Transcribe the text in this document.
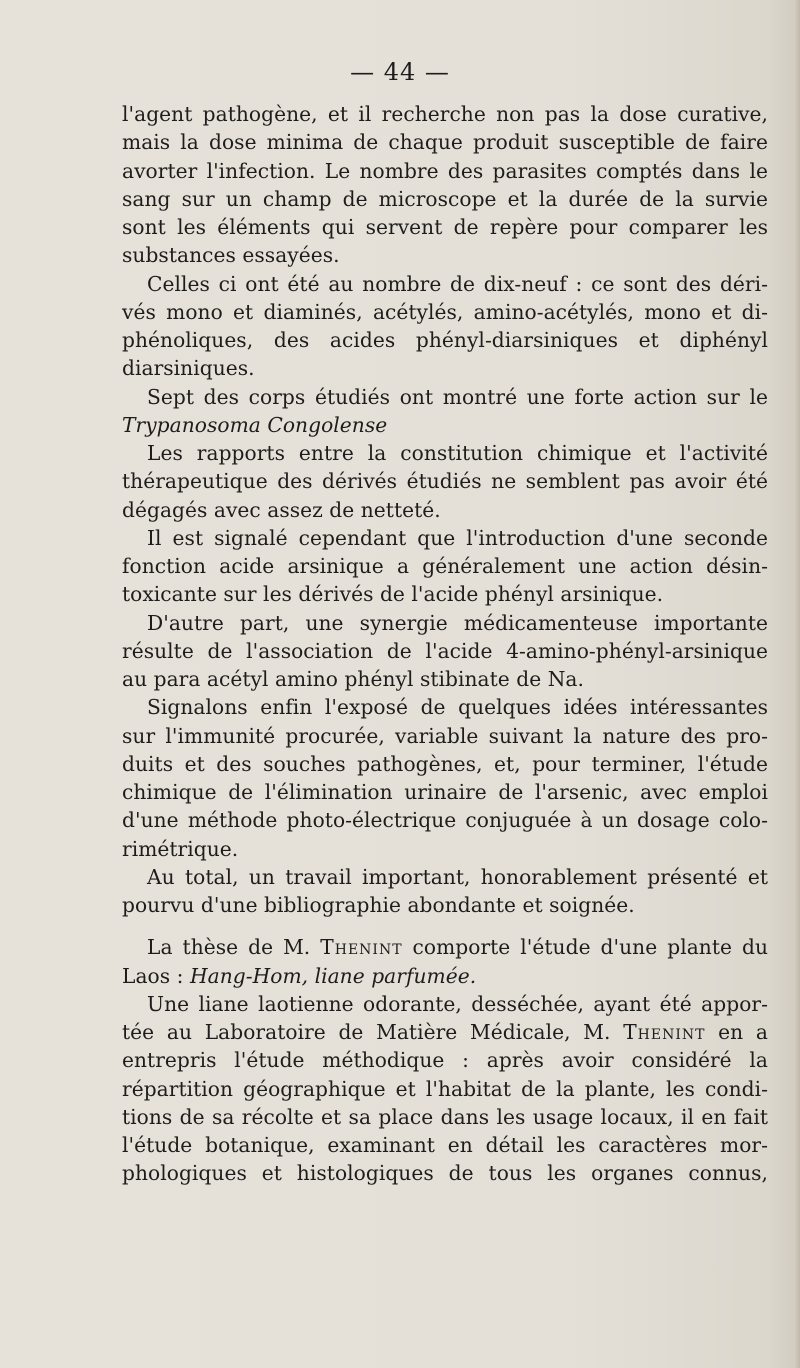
— 44 —
l'agent pathogène, et il recherche non pas la dose curative,
mais la dose minima de chaque produit susceptible de faire
avorter l'infection. Le nombre des parasites comptés dans le
sang sur un champ de microscope et la durée de la survie
sont les éléments qui servent de repère pour comparer les
substances essayées.
Celles ci ont été au nombre de dix-neuf : ce sont des déri-
vés mono et diaminés, acétylés, amino-acétylés, mono et di-
phénoliques, des acides phényl-diarsiniques et diphényl
diarsiniques.
Sept des corps étudiés ont montré une forte action sur le
Trypanosoma Congolense
Les rapports entre la constitution chimique et l'activité
thérapeutique des dérivés étudiés ne semblent pas avoir été
dégagés avec assez de netteté.
Il est signalé cependant que l'introduction d'une seconde
fonction acide arsinique a généralement une action désin-
toxicante sur les dérivés de l'acide phényl arsinique.
D'autre part, une synergie médicamenteuse importante
résulte de l'association de l'acide 4-amino-phényl-arsinique
au para acétyl amino phényl stibinate de Na.
Signalons enfin l'exposé de quelques idées intéressantes
sur l'immunité procurée, variable suivant la nature des pro-
duits et des souches pathogènes, et, pour terminer, l'étude
chimique de l'élimination urinaire de l'arsenic, avec emploi
d'une méthode photo-électrique conjuguée à un dosage colo-
rimétrique.
Au total, un travail important, honorablement présenté et
pourvu d'une bibliographie abondante et soignée.
La thèse de M. Thenint comporte l'étude d'une plante du
Laos : Hang-Hom, liane parfumée.
Une liane laotienne odorante, desséchée, ayant été appor-
tée au Laboratoire de Matière Médicale, M. Thenint en a
entrepris l'étude méthodique : après avoir considéré la
répartition géographique et l'habitat de la plante, les condi-
tions de sa récolte et sa place dans les usage locaux, il en fait
l'étude botanique, examinant en détail les caractères mor-
phologiques et histologiques de tous les organes connus,
